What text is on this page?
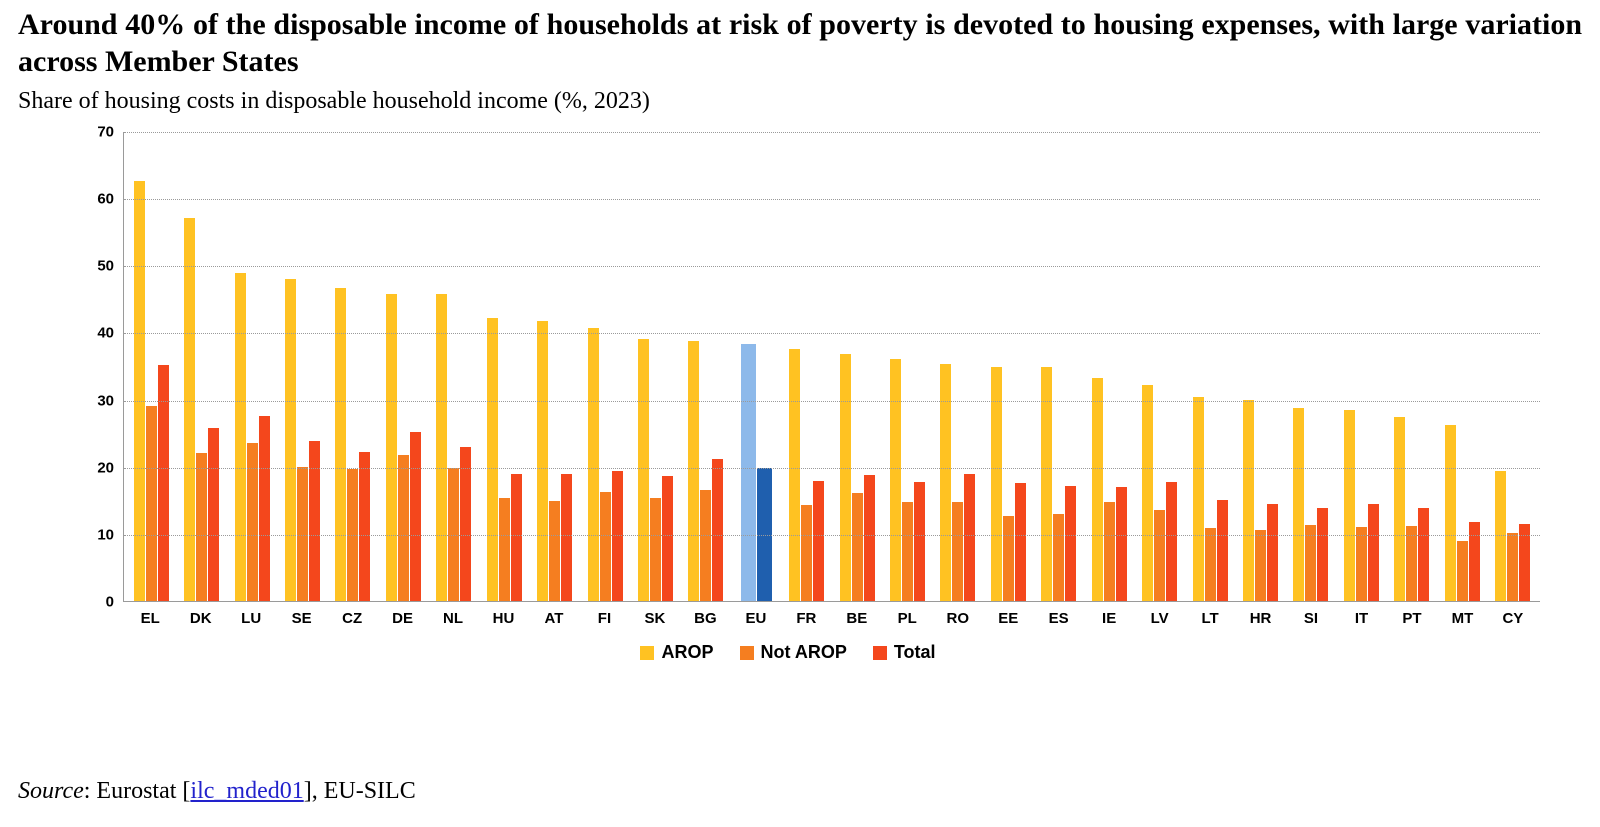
Around 40% of the disposable income of households at risk of poverty is devoted to housing expenses, with large variation across Member States
Share of housing costs in disposable household income (%, 2023)
0
10
20
30
40
50
60
70
EL	DK	LU	SE	CZ	DE	NL	HU	AT	FI	SK	BG	EU	FR	BE	PL	RO	EE	ES	IE	LV	LT	HR	SI	IT	PT	MT	CY
AROP	Not AROP	Total
Source: Eurostat [ilc_mded01], EU-SILC
